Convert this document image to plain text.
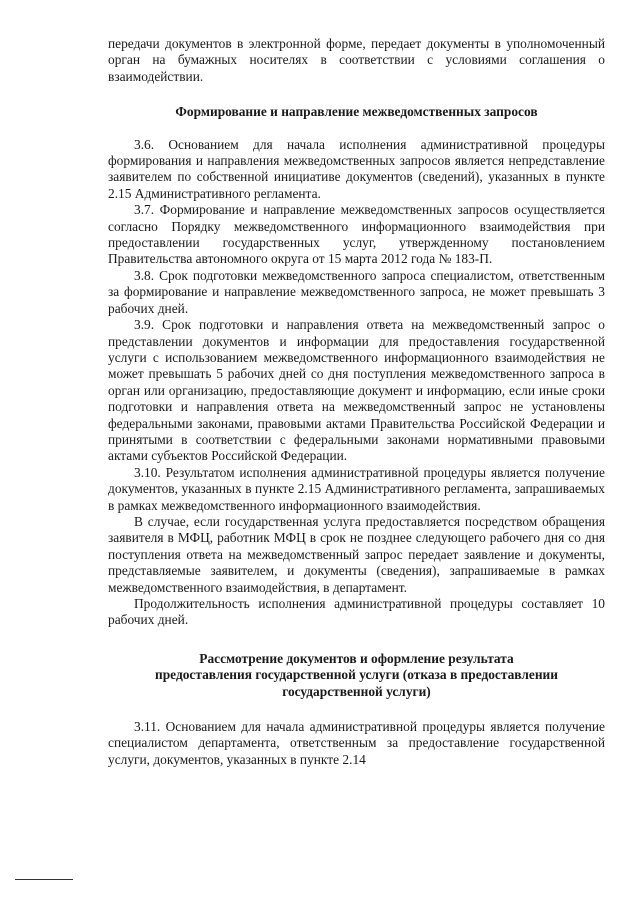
передачи документов в электронной форме, передает документы в уполномоченный орган на бумажных носителях в соответствии с условиями соглашения о взаимодействии.

Формирование и направление межведомственных запросов

3.6. Основанием для начала исполнения административной процедуры формирования и направления межведомственных запросов является непредставление заявителем по собственной инициативе документов (сведений), указанных в пункте 2.15 Административного регламента.

3.7. Формирование и направление межведомственных запросов осуществляется согласно Порядку межведомственного информационного взаимодействия при предоставлении государственных услуг, утвержденному постановлением Правительства автономного округа от 15 марта 2012 года № 183-П.

3.8. Срок подготовки межведомственного запроса специалистом, ответственным за формирование и направление межведомственного запроса, не может превышать 3 рабочих дней.

3.9. Срок подготовки и направления ответа на межведомственный запрос о представлении документов и информации для предоставления государственной услуги с использованием межведомственного информационного взаимодействия не может превышать 5 рабочих дней со дня поступления межведомственного запроса в орган или организацию, предоставляющие документ и информацию, если иные сроки подготовки и направления ответа на межведомственный запрос не установлены федеральными законами, правовыми актами Правительства Российской Федерации и принятыми в соответствии с федеральными законами нормативными правовыми актами субъектов Российской Федерации.

3.10. Результатом исполнения административной процедуры является получение документов, указанных в пункте 2.15 Административного регламента, запрашиваемых в рамках межведомственного информационного взаимодействия.

В случае, если государственная услуга предоставляется посредством обращения заявителя в МФЦ, работник МФЦ в срок не позднее следующего рабочего дня со дня поступления ответа на межведомственный запрос передает заявление и документы, представляемые заявителем, и документы (сведения), запрашиваемые в рамках межведомственного взаимодействия, в департамент.

Продолжительность исполнения административной процедуры составляет 10 рабочих дней.

Рассмотрение документов и оформление результата

предоставления государственной услуги (отказа в предоставлении

государственной услуги)

3.11. Основанием для начала административной процедуры является получение специалистом департамента, ответственным за предоставление государственной услуги, документов, указанных в пункте 2.14
